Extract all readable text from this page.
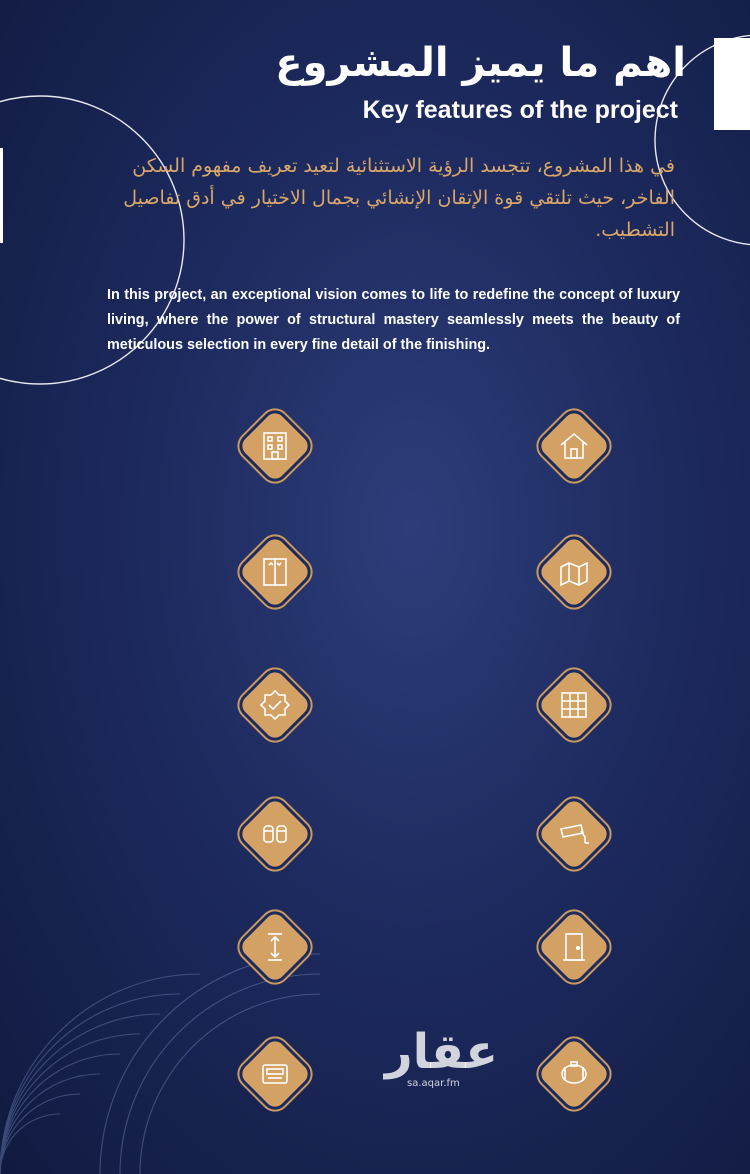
اهم ما يميز المشروع
Key features of the project
في هذا المشروع، تتجسد الرؤية الاستثنائية لتعيد تعريف مفهوم السكن الفاخر، حيث تلتقي قوة الإتقان الإنشائي بجمال الاختيار في أدق تفاصيل التشطيب.
In this project, an exceptional vision comes to life to redefine the concept of luxury living, where the power of structural mastery seamlessly meets the beauty of meticulous selection in every fine detail of the finishing.
عقار
sa.aqar.fm
